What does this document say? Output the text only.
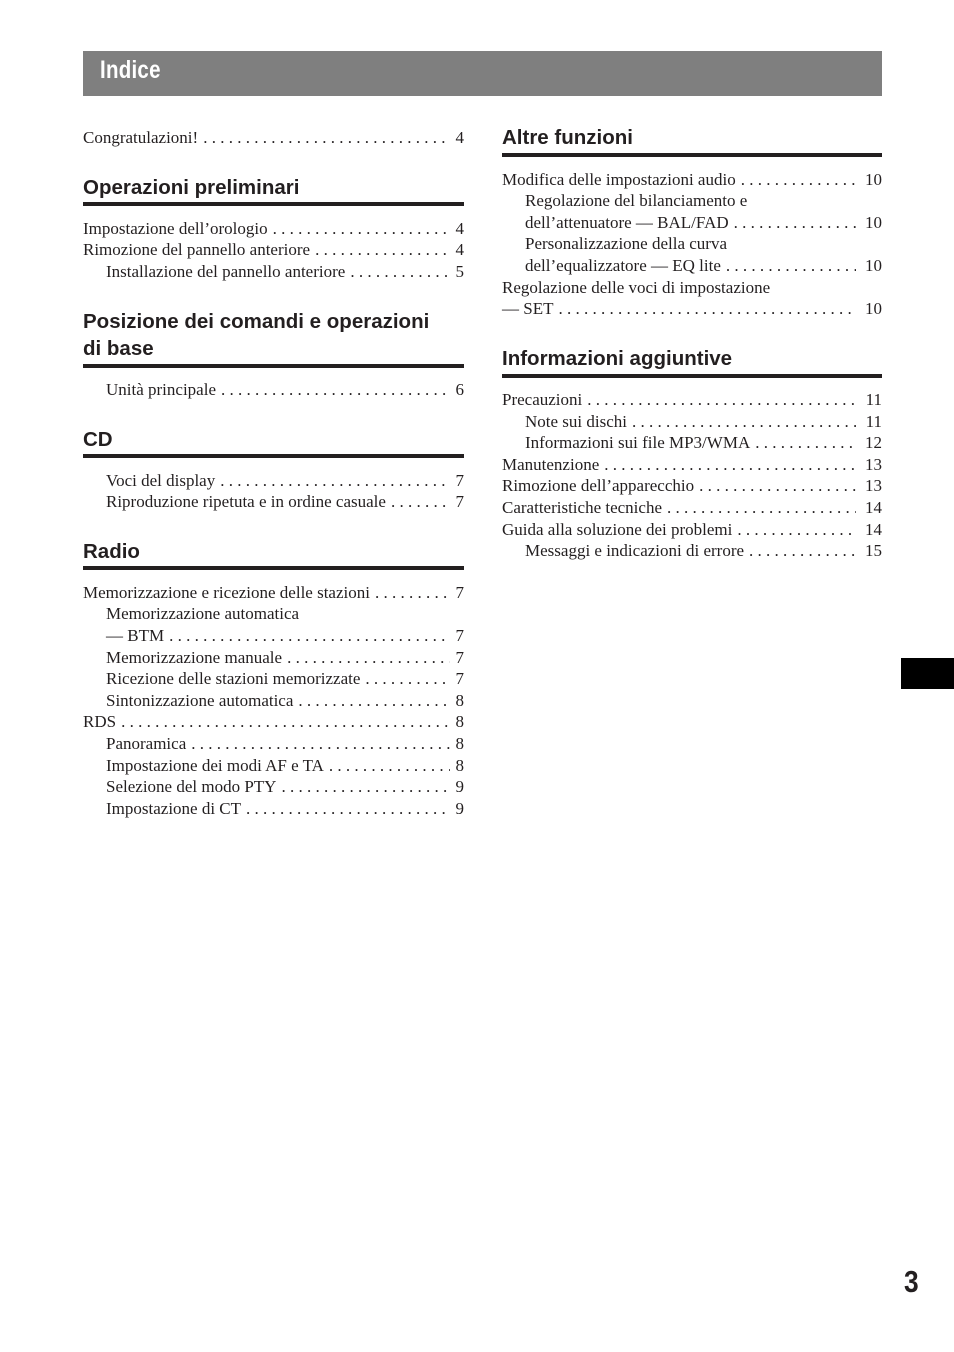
Indice
Congratulazioni! . . .	4
Operazioni preliminari
Impostazione dell’orologio . . .	4
Rimozione del pannello anteriore . . .	4
Installazione del pannello anteriore . . .	5
Posizione dei comandi e operazioni
di base
Unità principale . . .	6
CD
Voci del display . . .	7
Riproduzione ripetuta e in ordine casuale . . .	7
Radio
Memorizzazione e ricezione delle stazioni . . .	7
Memorizzazione automatica
— BTM . . .	7
Memorizzazione manuale . . .	7
Ricezione delle stazioni memorizzate . . .	7
Sintonizzazione automatica . . .	8
RDS . . .	8
Panoramica . . .	8
Impostazione dei modi AF e TA . . .	8
Selezione del modo PTY . . .	9
Impostazione di CT . . .	9
Altre funzioni
Modifica delle impostazioni audio . . .	10
Regolazione del bilanciamento e
dell’attenuatore — BAL/FAD . . .	10
Personalizzazione della curva
dell’equalizzatore — EQ lite . . .	10
Regolazione delle voci di impostazione
— SET . . .	10
Informazioni aggiuntive
Precauzioni . . .	11
Note sui dischi . . .	11
Informazioni sui file MP3/WMA . . .	12
Manutenzione . . .	13
Rimozione dell’apparecchio . . .	13
Caratteristiche tecniche . . .	14
Guida alla soluzione dei problemi . . .	14
Messaggi e indicazioni di errore . . .	15
3
